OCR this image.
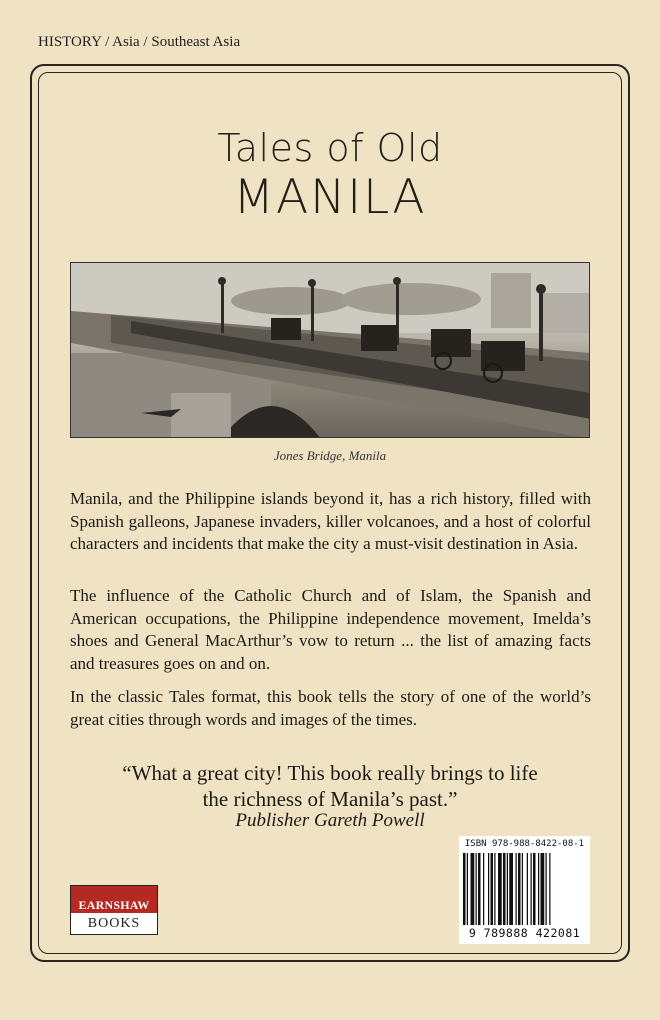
HISTORY / Asia / Southeast Asia
Tales of Old
MANILA
Jones Bridge, Manila

Manila, and the Philippine islands beyond it, has a rich history, filled with Spanish galleons, Japanese invaders, killer volcanoes, and a host of colorful characters and incidents that make the city a must-visit destination in Asia.

The influence of the Catholic Church and of Islam, the Spanish and American occupations, the Philippine independence movement, Imelda’s shoes and General MacArthur’s vow to return ... the list of amazing facts and treasures goes on and on.

In the classic Tales format, this book tells the story of one of the world’s great cities through words and images of the times.

“What a great city! This book really brings to life
the richness of Manila’s past.”
Publisher Gareth Powell
EARNSHAW
BOOKS
ISBN 978-988-8422-08-1
9 789888 422081
